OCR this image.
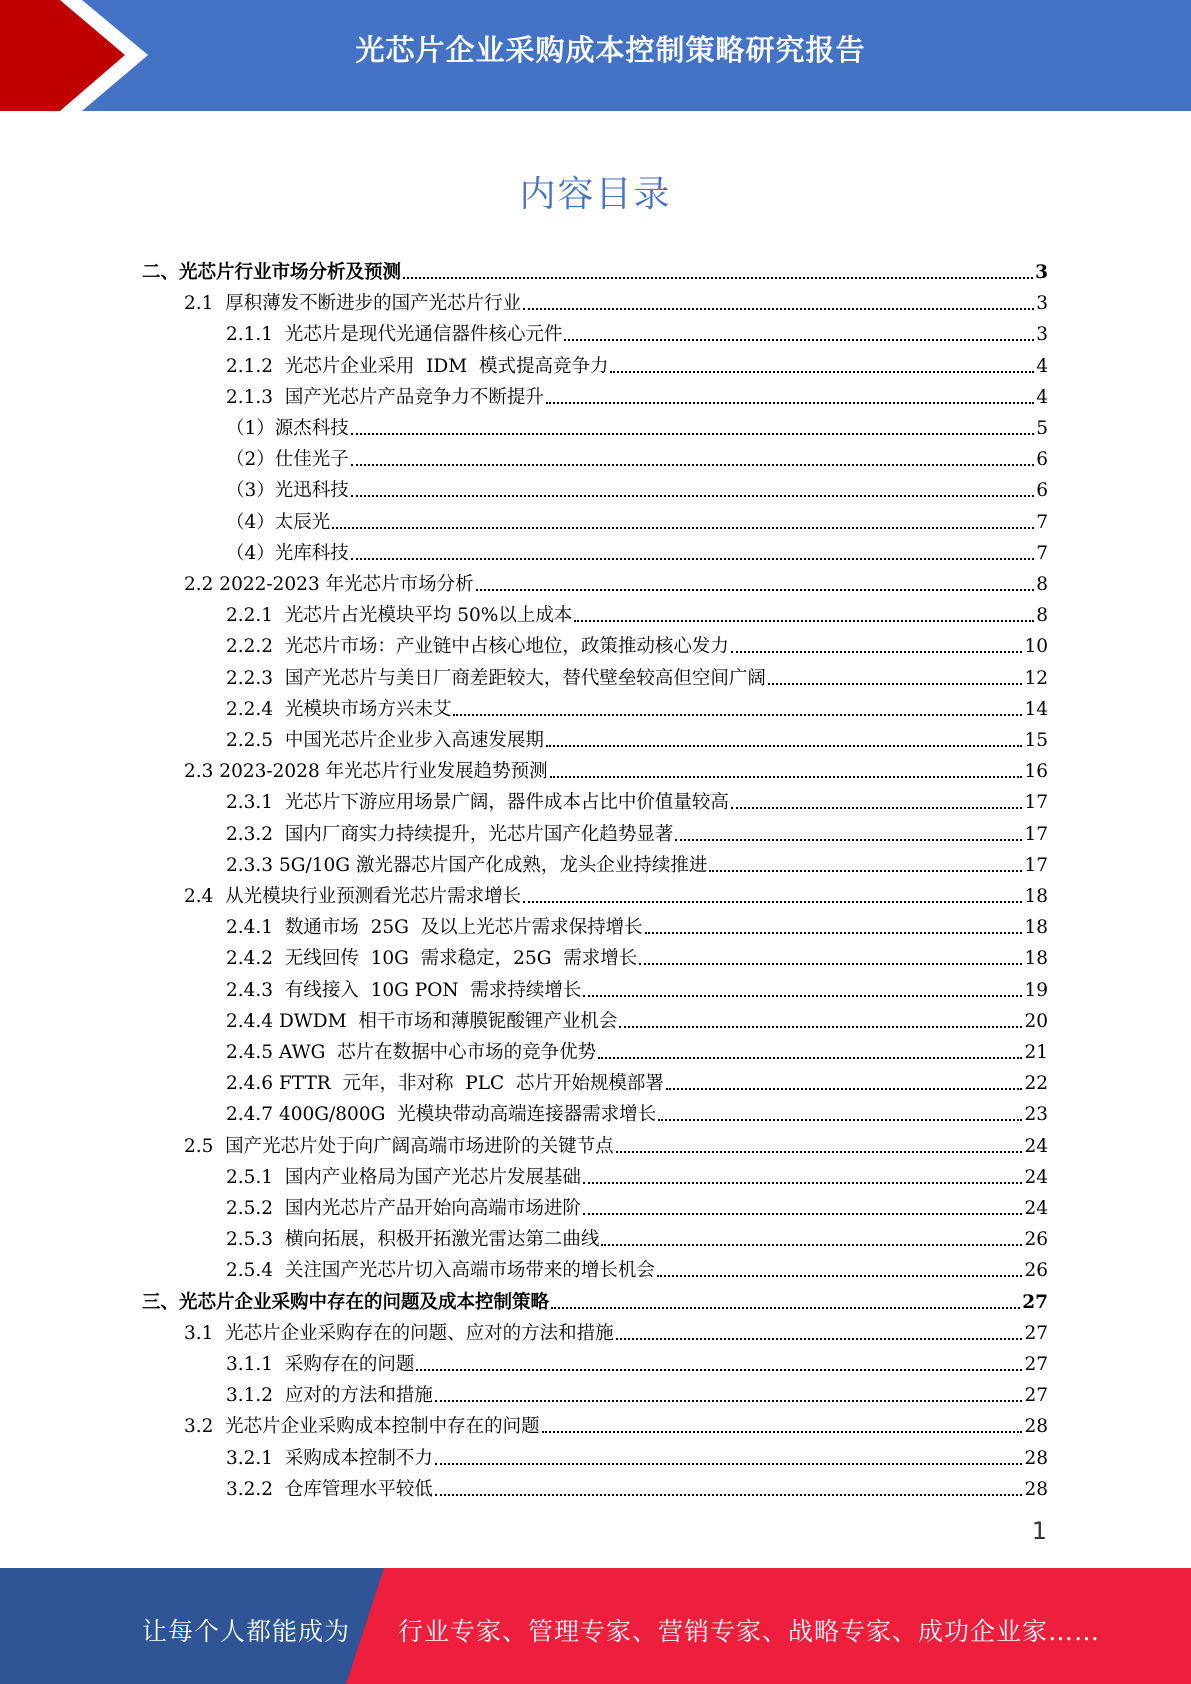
光芯片企业采购成本控制策略研究报告
内容目录
二、光芯片行业市场分析及预测	3
2.1  厚积薄发不断进步的国产光芯片行业	3
2.1.1  光芯片是现代光通信器件核心元件	3
2.1.2  光芯片企业采用  IDM  模式提高竞争力	4
2.1.3  国产光芯片产品竞争力不断提升	4
（1）源杰科技	5
（2）仕佳光子	6
（3）光迅科技	6
（4）太辰光	7
（4）光库科技	7
2.2 2022-2023 年光芯片市场分析	8
2.2.1  光芯片占光模块平均 50%以上成本	8
2.2.2  光芯片市场：产业链中占核心地位，政策推动核心发力	10
2.2.3  国产光芯片与美日厂商差距较大，替代壁垒较高但空间广阔	12
2.2.4  光模块市场方兴未艾	14
2.2.5  中国光芯片企业步入高速发展期	15
2.3 2023-2028 年光芯片行业发展趋势预测	16
2.3.1  光芯片下游应用场景广阔，器件成本占比中价值量较高	17
2.3.2  国内厂商实力持续提升，光芯片国产化趋势显著	17
2.3.3 5G/10G 激光器芯片国产化成熟，龙头企业持续推进	17
2.4  从光模块行业预测看光芯片需求增长	18
2.4.1  数通市场  25G  及以上光芯片需求保持增长	18
2.4.2  无线回传  10G  需求稳定，25G  需求增长	18
2.4.3  有线接入  10G PON  需求持续增长	19
2.4.4 DWDM  相干市场和薄膜铌酸锂产业机会	20
2.4.5 AWG  芯片在数据中心市场的竞争优势	21
2.4.6 FTTR  元年，非对称  PLC  芯片开始规模部署	22
2.4.7 400G/800G  光模块带动高端连接器需求增长	23
2.5  国产光芯片处于向广阔高端市场进阶的关键节点	24
2.5.1  国内产业格局为国产光芯片发展基础	24
2.5.2  国内光芯片产品开始向高端市场进阶	24
2.5.3  横向拓展，积极开拓激光雷达第二曲线	26
2.5.4  关注国产光芯片切入高端市场带来的增长机会	26
三、光芯片企业采购中存在的问题及成本控制策略	27
3.1  光芯片企业采购存在的问题、应对的方法和措施	27
3.1.1  采购存在的问题	27
3.1.2  应对的方法和措施	27
3.2  光芯片企业采购成本控制中存在的问题	28
3.2.1  采购成本控制不力	28
3.2.2  仓库管理水平较低	28
1
让每个人都能成为 行业专家、管理专家、营销专家、战略专家、成功企业家……
